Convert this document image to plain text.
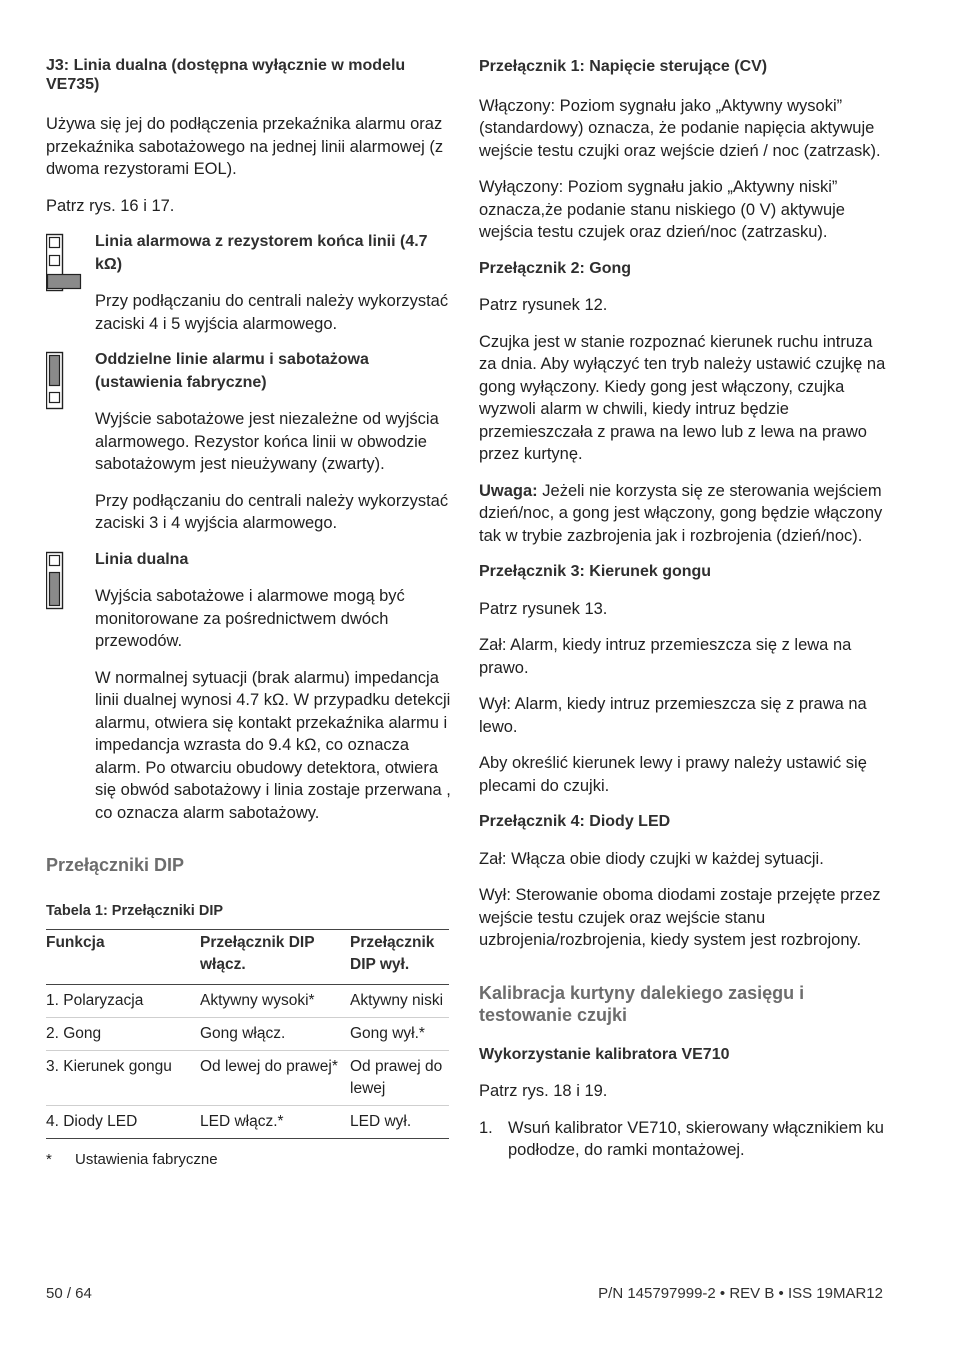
J3: Linia dualna (dostępna wyłącznie w modelu VE735)

Używa się jej do podłączenia przekaźnika alarmu oraz przekaźnika sabotażowego na jednej linii alarmowej (z dwoma rezystorami EOL).

Patrz rys. 16 i 17.

Linia alarmowa z rezystorem końca linii (4.7 kΩ)

Przy podłączaniu do centrali należy wykorzystać zaciski 4 i 5 wyjścia alarmowego.

Oddzielne linie alarmu i sabotażowa (ustawienia fabryczne)

Wyjście sabotażowe jest niezależne od wyjścia alarmowego. Rezystor końca linii w obwodzie sabotażowym jest nieużywany (zwarty).

Przy podłączaniu do centrali należy wykorzystać zaciski 3 i 4 wyjścia alarmowego.

Linia dualna

Wyjścia sabotażowe i alarmowe mogą być monitorowane za pośrednictwem dwóch przewodów.

W normalnej sytuacji (brak alarmu) impedancja linii dualnej wynosi 4.7 kΩ. W przypadku detekcji alarmu, otwiera się kontakt przekaźnika alarmu i impedancja wzrasta do 9.4 kΩ, co oznacza alarm. Po otwarciu obudowy detektora, otwiera się obwód sabotażowy i linia zostaje przerwana , co oznacza alarm sabotażowy.

Przełączniki DIP
Tabela 1: Przełączniki DIP
Funkcja	Przełącznik DIP włącz.	Przełącznik DIP wył.
1. Polaryzacja	Aktywny wysoki*	Aktywny niski
2. Gong	Gong włącz.	Gong wył.*
3. Kierunek gongu	Od lewej do prawej*	Od prawej do lewej
4. Diody LED	LED włącz.*	LED wył.
* Ustawienia fabryczne
Przełącznik 1: Napięcie sterujące (CV)

Włączony: Poziom sygnału jako „Aktywny wysoki” (standardowy) oznacza, że podanie napięcia aktywuje wejście testu czujki oraz wejście dzień / noc (zatrzask).

Wyłączony: Poziom sygnału jakio „Aktywny niski” oznacza,że podanie stanu niskiego (0 V) aktywuje wejścia testu czujek oraz dzień/noc (zatrzasku).

Przełącznik 2: Gong

Patrz rysunek 12.

Czujka jest w stanie rozpoznać kierunek ruchu intruza za dnia. Aby wyłączyć ten tryb należy ustawić czujkę na gong wyłączony. Kiedy gong jest włączony, czujka wyzwoli alarm w chwili, kiedy intruz będzie przemieszczała z prawa na lewo lub z lewa na prawo przez kurtynę.

Uwaga: Jeżeli nie korzysta się ze sterowania wejściem dzień/noc, a gong jest włączony, gong będzie włączony tak w trybie zazbrojenia jak i rozbrojenia (dzień/noc).

Przełącznik 3: Kierunek gongu

Patrz rysunek 13.

Zał: Alarm, kiedy intruz przemieszcza się z lewa na prawo.

Wył: Alarm, kiedy intruz przemieszcza się z prawa na lewo.

Aby określić kierunek lewy i prawy należy ustawić się plecami do czujki.

Przełącznik 4: Diody LED

Zał: Włącza obie diody czujki w każdej sytuacji.

Wył: Sterowanie oboma diodami zostaje przejęte przez wejście testu czujek oraz wejście stanu uzbrojenia/rozbrojenia, kiedy system jest rozbrojony.

Kalibracja kurtyny dalekiego zasięgu i testowanie czujki
Wykorzystanie kalibratora VE710

Patrz rys. 18 i 19.

1. Wsuń kalibrator VE710, skierowany włącznikiem ku podłodze, do ramki montażowej.
50 / 64	P/N 145797999-2 • REV B • ISS 19MAR12
